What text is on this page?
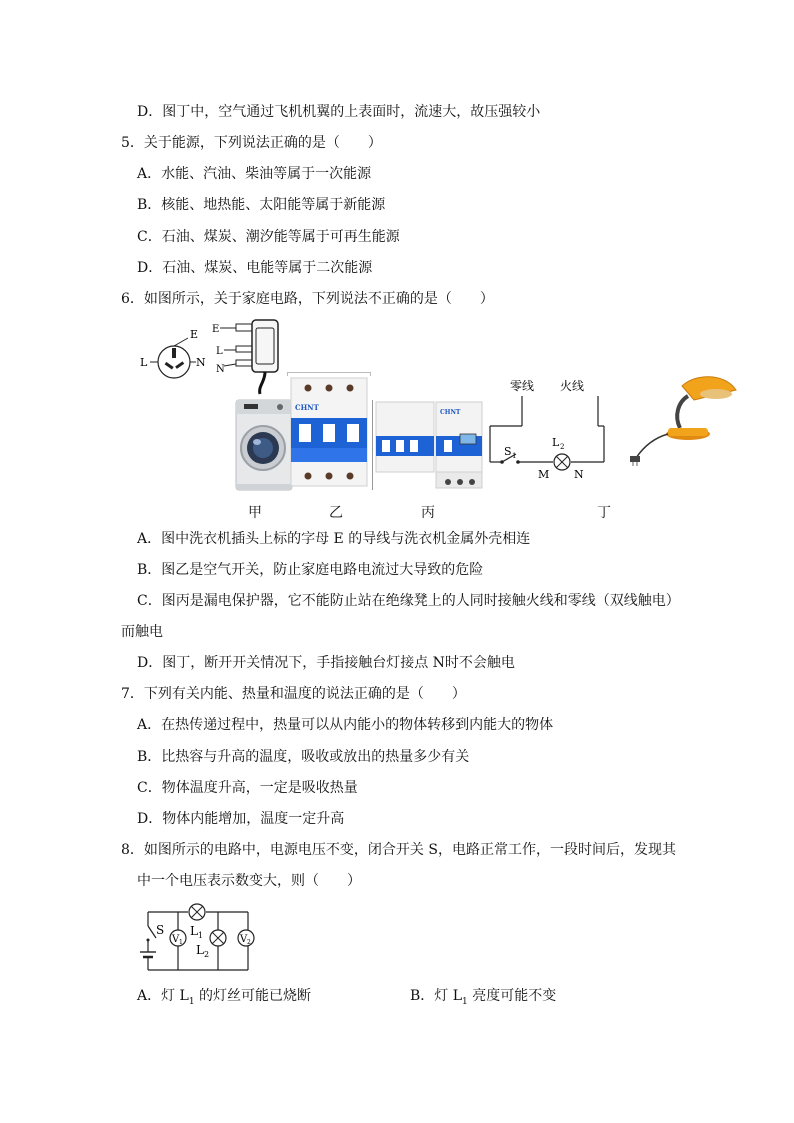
D．图丁中，空气通过飞机机翼的上表面时，流速大，故压强较小
5．关于能源，下列说法正确的是（　　）
A．水能、汽油、柴油等属于一次能源
B．核能、地热能、太阳能等属于新能源
C．石油、煤炭、潮汐能等属于可再生能源
D．石油、煤炭、电能等属于二次能源
6．如图所示，关于家庭电路，下列说法不正确的是（　　）
E
L	N
E
L
N
CHNT
CHNT
零线 火线
S 1
L 2
M N
甲	乙	丙	丁
A．图中洗衣机插头上标的字母 E 的导线与洗衣机金属外壳相连
B．图乙是空气开关，防止家庭电路电流过大导致的危险
C．图丙是漏电保护器，它不能防止站在绝缘凳上的人同时接触火线和零线（双线触电）
而触电
D．图丁，断开开关情况下，手指接触台灯接点 N时不会触电
7．下列有关内能、热量和温度的说法正确的是（　　）
A．在热传递过程中，热量可以从内能小的物体转移到内能大的物体
B．比热容与升高的温度，吸收或放出的热量多少有关
C．物体温度升高，一定是吸收热量
D．物体内能增加，温度一定升高
8．如图所示的电路中，电源电压不变，闭合开关 S，电路正常工作，一段时间后，发现其
中一个电压表示数变大，则（　　）
S L 1
V 1
L 2
V 2
A．灯 $L_1$ 的灯丝可能已烧断	B．灯 $L_1$ 亮度可能不变
